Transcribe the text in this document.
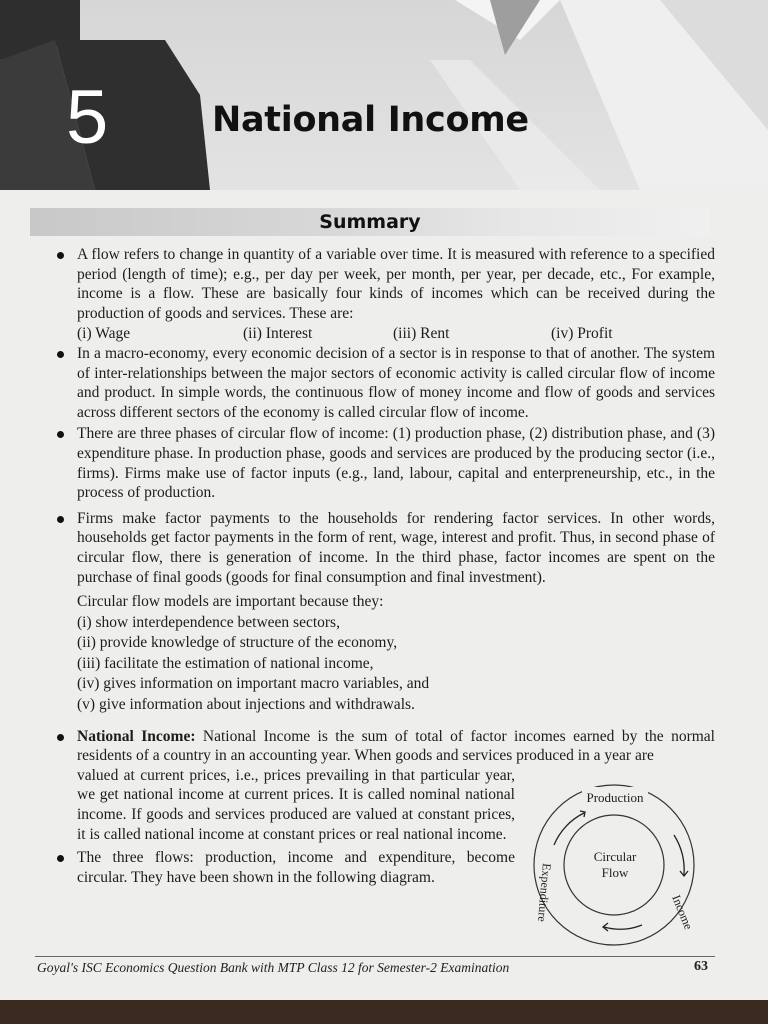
5	National Income
Summary
A flow refers to change in quantity of a variable over time. It is measured with reference to a specified period (length of time); e.g., per day per week, per month, per year, per decade, etc., For example, income is a flow. These are basically four kinds of incomes which can be received during the production of goods and services. These are:
(i) Wage	(ii) Interest	(iii) Rent	(iv) Profit
In a macro-economy, every economic decision of a sector is in response to that of another. The system of inter-relationships between the major sectors of economic activity is called circular flow of income and product. In simple words, the continuous flow of money income and flow of goods and services across different sectors of the economy is called circular flow of income.
There are three phases of circular flow of income: (1) production phase, (2) distribution phase, and (3) expenditure phase. In production phase, goods and services are produced by the producing sector (i.e., firms). Firms make use of factor inputs (e.g., land, labour, capital and enterpreneurship, etc., in the process of production.
Firms make factor payments to the households for rendering factor services. In other words, households get factor payments in the form of rent, wage, interest and profit. Thus, in second phase of circular flow, there is generation of income. In the third phase, factor incomes are spent on the purchase of final goods (goods for final consumption and final investment).
Circular flow models are important because they:
(i) show interdependence between sectors,
(ii) provide knowledge of structure of the economy,
(iii) facilitate the estimation of national income,
(iv) gives information on important macro variables, and
(v) give information about injections and withdrawals.
National Income: National Income is the sum of total of factor incomes earned by the normal residents of a country in an accounting year. When goods and services produced in a year are
valued at current prices, i.e., prices prevailing in that particular year, we get national income at current prices. It is called nominal national income. If goods and services produced are valued at constant prices, it is called national income at constant prices or real national income.
The three flows: production, income and expenditure, become circular. They have been shown in the following diagram.
Production
Circular
Flow
Income
Expenditure
Goyal's ISC Economics Question Bank with MTP Class 12 for Semester-2 Examination	63
